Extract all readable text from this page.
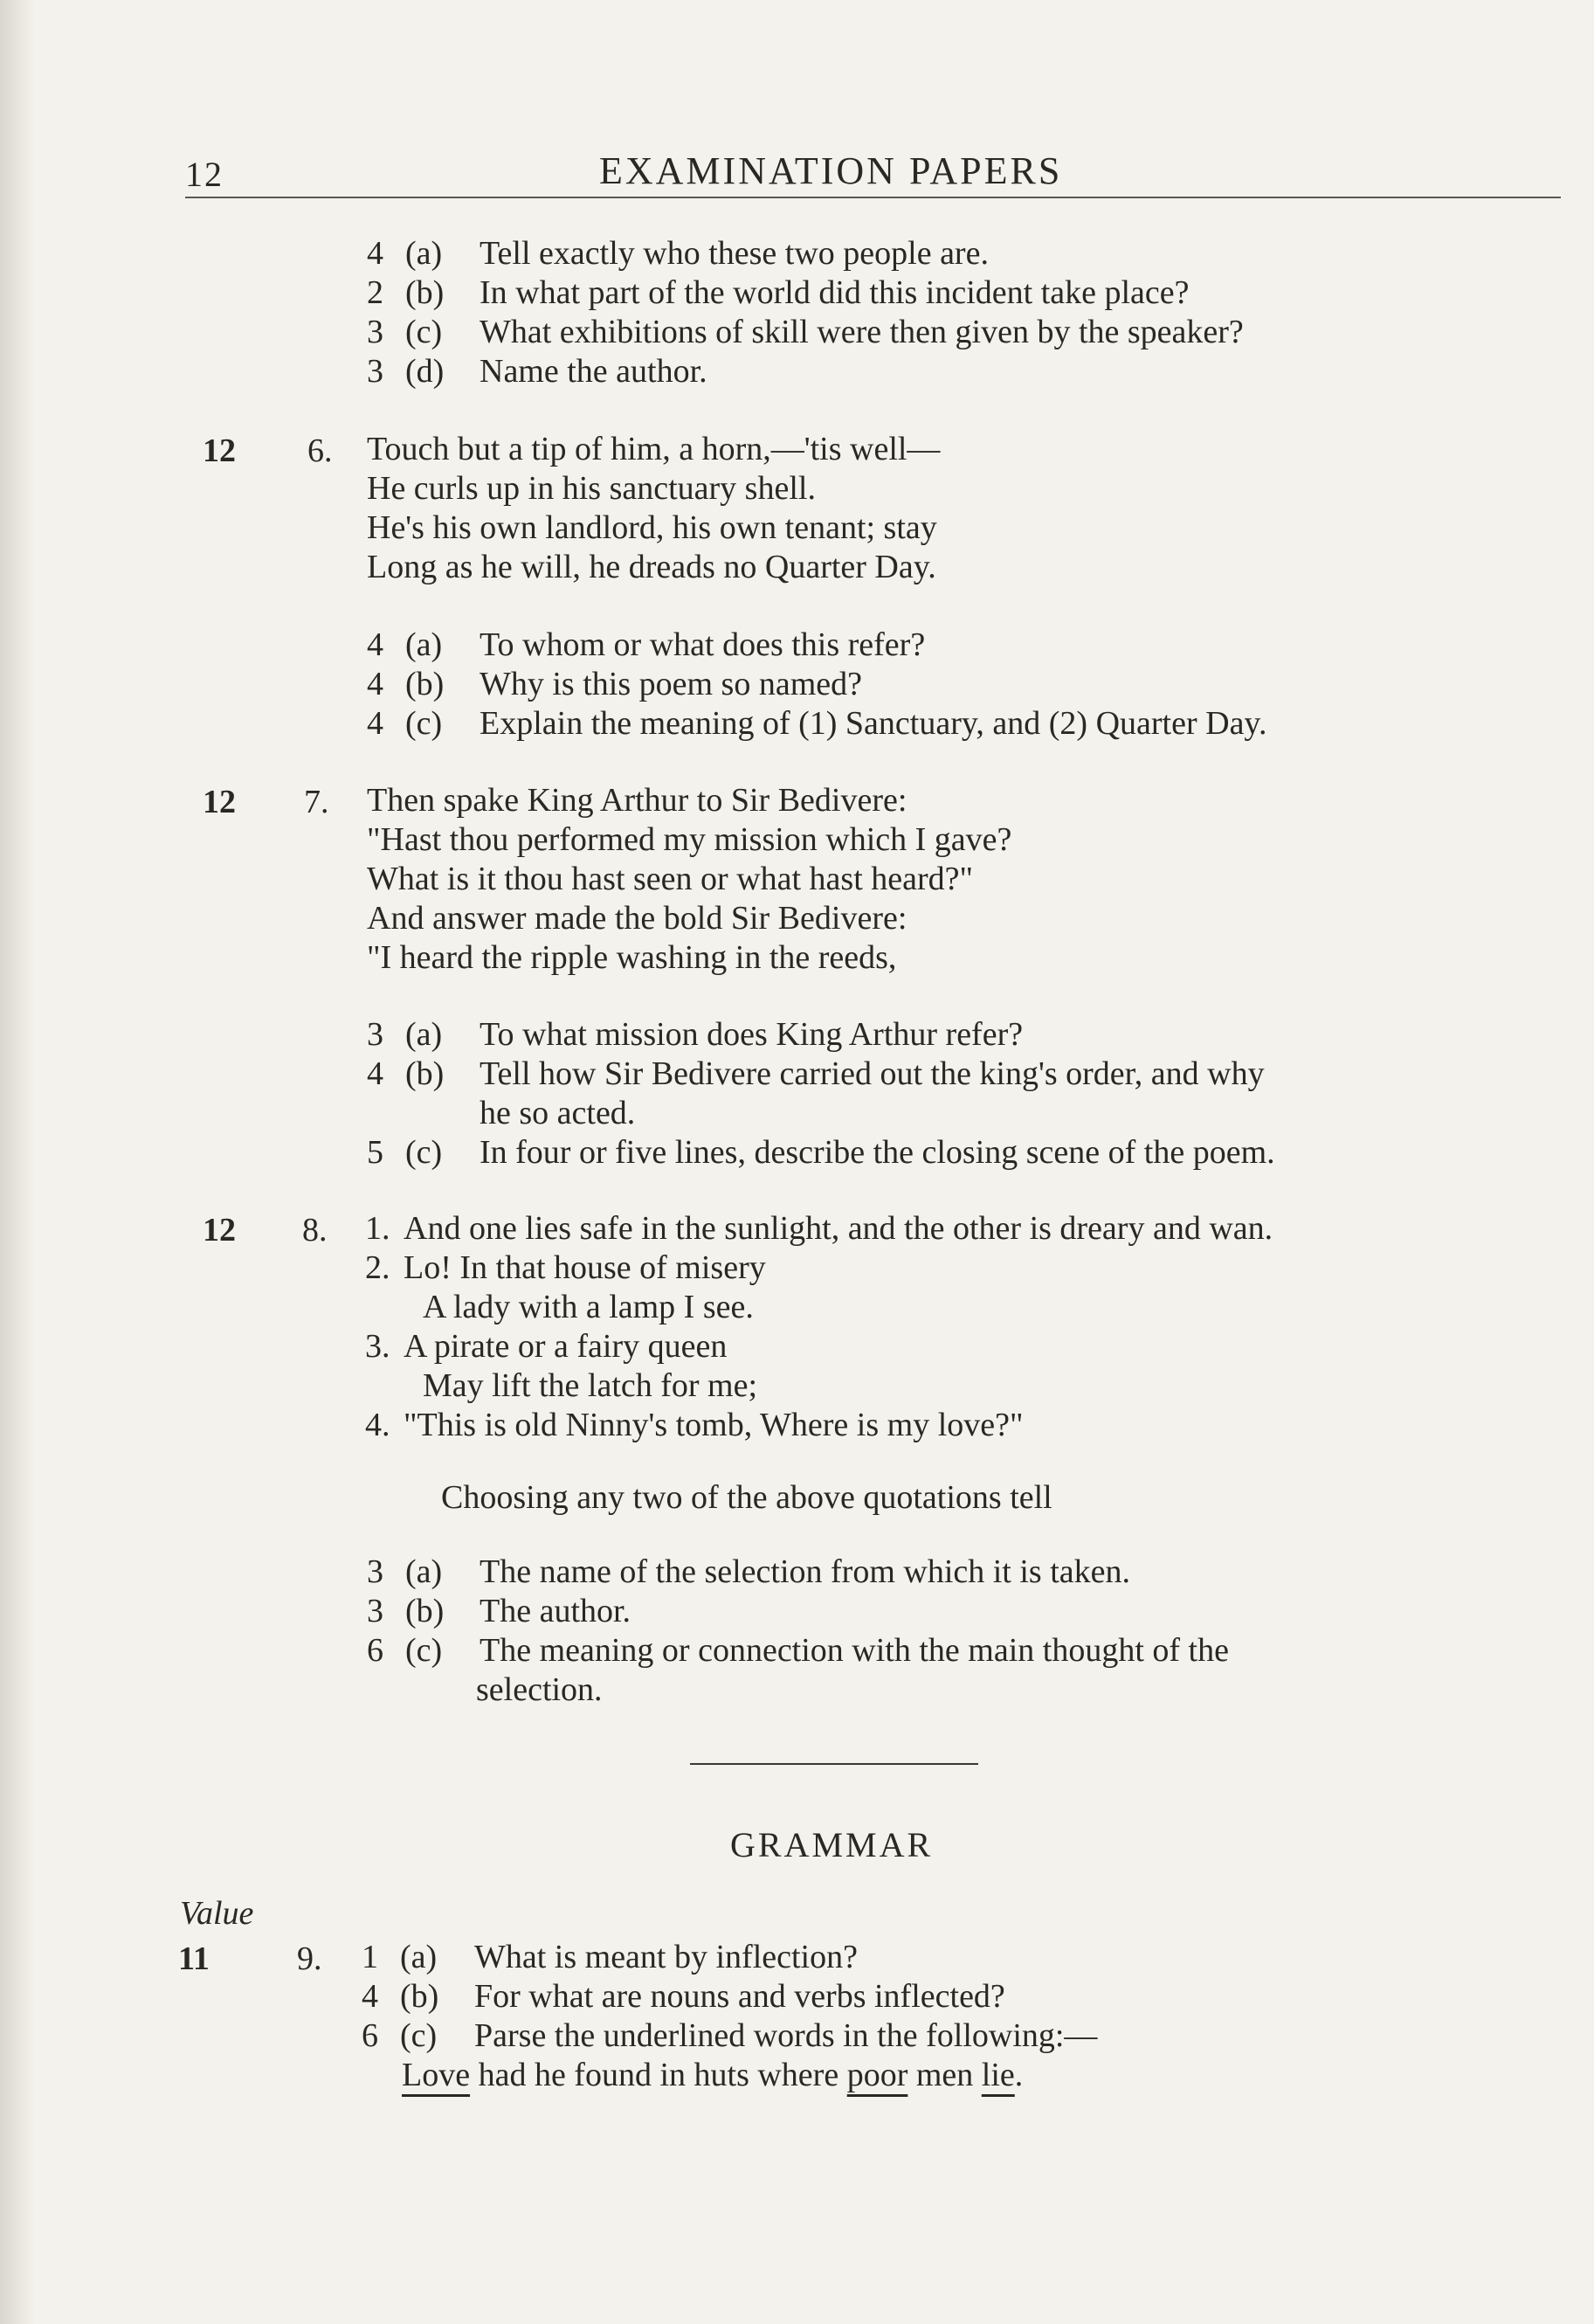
12	EXAMINATION PAPERS
4 (a) Tell exactly who these two people are.
2 (b) In what part of the world did this incident take place?
3 (c) What exhibitions of skill were then given by the speaker?
3 (d) Name the author.
12 6. Touch but a tip of him, a horn,—'tis well—
He curls up in his sanctuary shell.
He's his own landlord, his own tenant; stay
Long as he will, he dreads no Quarter Day.
4 (a) To whom or what does this refer?
4 (b) Why is this poem so named?
4 (c) Explain the meaning of (1) Sanctuary, and (2) Quarter Day.
12 7. Then spake King Arthur to Sir Bedivere:
"Hast thou performed my mission which I gave?
What is it thou hast seen or what hast heard?"
And answer made the bold Sir Bedivere:
"I heard the ripple washing in the reeds,
3 (a) To what mission does King Arthur refer?
4 (b) Tell how Sir Bedivere carried out the king's order, and why
he so acted.
5 (c) In four or five lines, describe the closing scene of the poem.
12 8. 1. And one lies safe in the sunlight, and the other is dreary and wan.
2. Lo! In that house of misery
A lady with a lamp I see.
3. A pirate or a fairy queen
May lift the latch for me;
4. "This is old Ninny's tomb, Where is my love?"
Choosing any two of the above quotations tell
3 (a) The name of the selection from which it is taken.
3 (b) The author.
6 (c) The meaning or connection with the main thought of the
selection.
GRAMMAR
Value
11	9. 1 (a) What is meant by inflection?
4 (b) For what are nouns and verbs inflected?
6 (c) Parse the underlined words in the following:—
Love had he found in huts where poor men lie.
